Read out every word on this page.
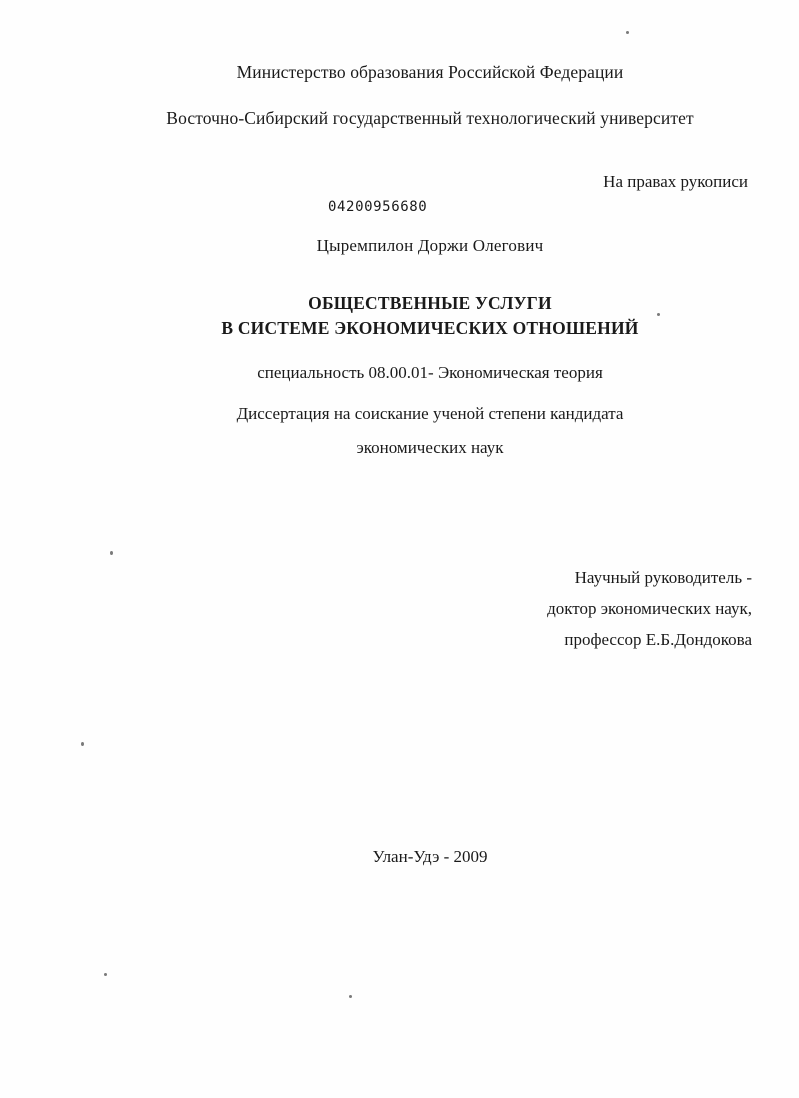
Министерство образования Российской Федерации
Восточно-Сибирский государственный технологический университет
На правах рукописи
04200956680
Цыремпилон Доржи Олегович
ОБЩЕСТВЕННЫЕ УСЛУГИ
В СИСТЕМЕ ЭКОНОМИЧЕСКИХ ОТНОШЕНИЙ
специальность 08.00.01- Экономическая теория
Диссертация на соискание ученой степени кандидата
экономических наук
Научный руководитель -
доктор экономических наук,
профессор Е.Б.Дондокова
Улан-Удэ - 2009
